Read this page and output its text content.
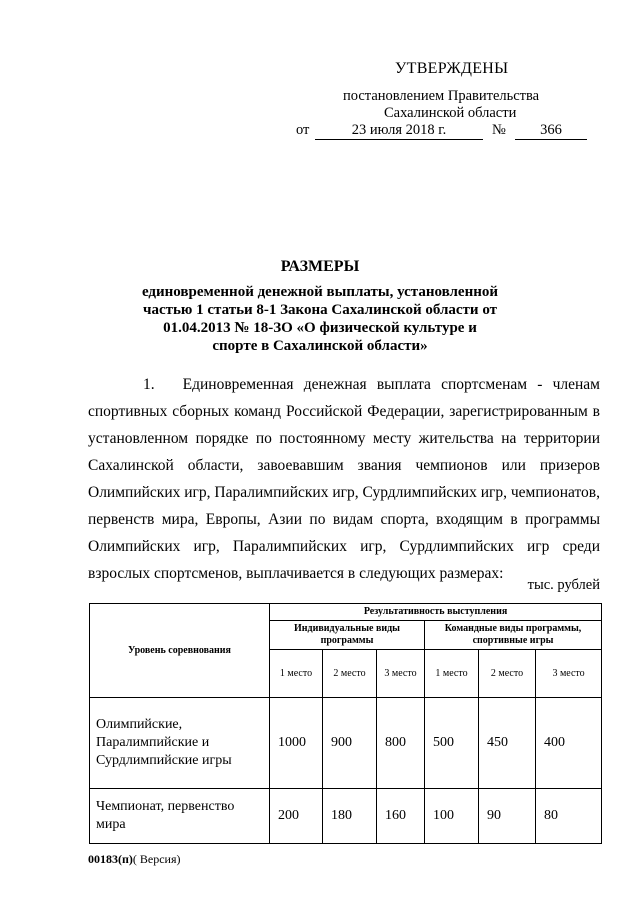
УТВЕРЖДЕНЫ
постановлением Правительства
Сахалинской области
от	23 июля 2018 г.	№	366
РАЗМЕРЫ
единовременной денежной выплаты, установленной
частью 1 статьи 8-1 Закона Сахалинской области от
01.04.2013 № 18-ЗО «О физической культуре и
спорте в Сахалинской области»
1. Единовременная денежная выплата спортсменам - членам спортивных сборных команд Российской Федерации, зарегистрированным в установленном порядке по постоянному месту жительства на территории Сахалинской области, завоевавшим звания чемпионов или призеров Олимпийских игр, Паралимпийских игр, Сурдлимпийских игр, чемпионатов, первенств мира, Европы, Азии по видам спорта, входящим в программы Олимпийских игр, Паралимпийских игр, Сурдлимпийских игр среди взрослых спортсменов, выплачивается в следующих размерах:
тыс. рублей
Уровень соревнования	Результативность выступления					
	Индивидуальные виды программы			Командные виды программы, спортивные игры		
	1 место	2 место	3 место	1 место	2 место	3 место
Олимпийские, Паралимпийские и Сурдлимпийские игры	1000	900	800	500	450	400
Чемпионат, первенство мира	200	180	160	100	90	80
00183(п)( Версия)
